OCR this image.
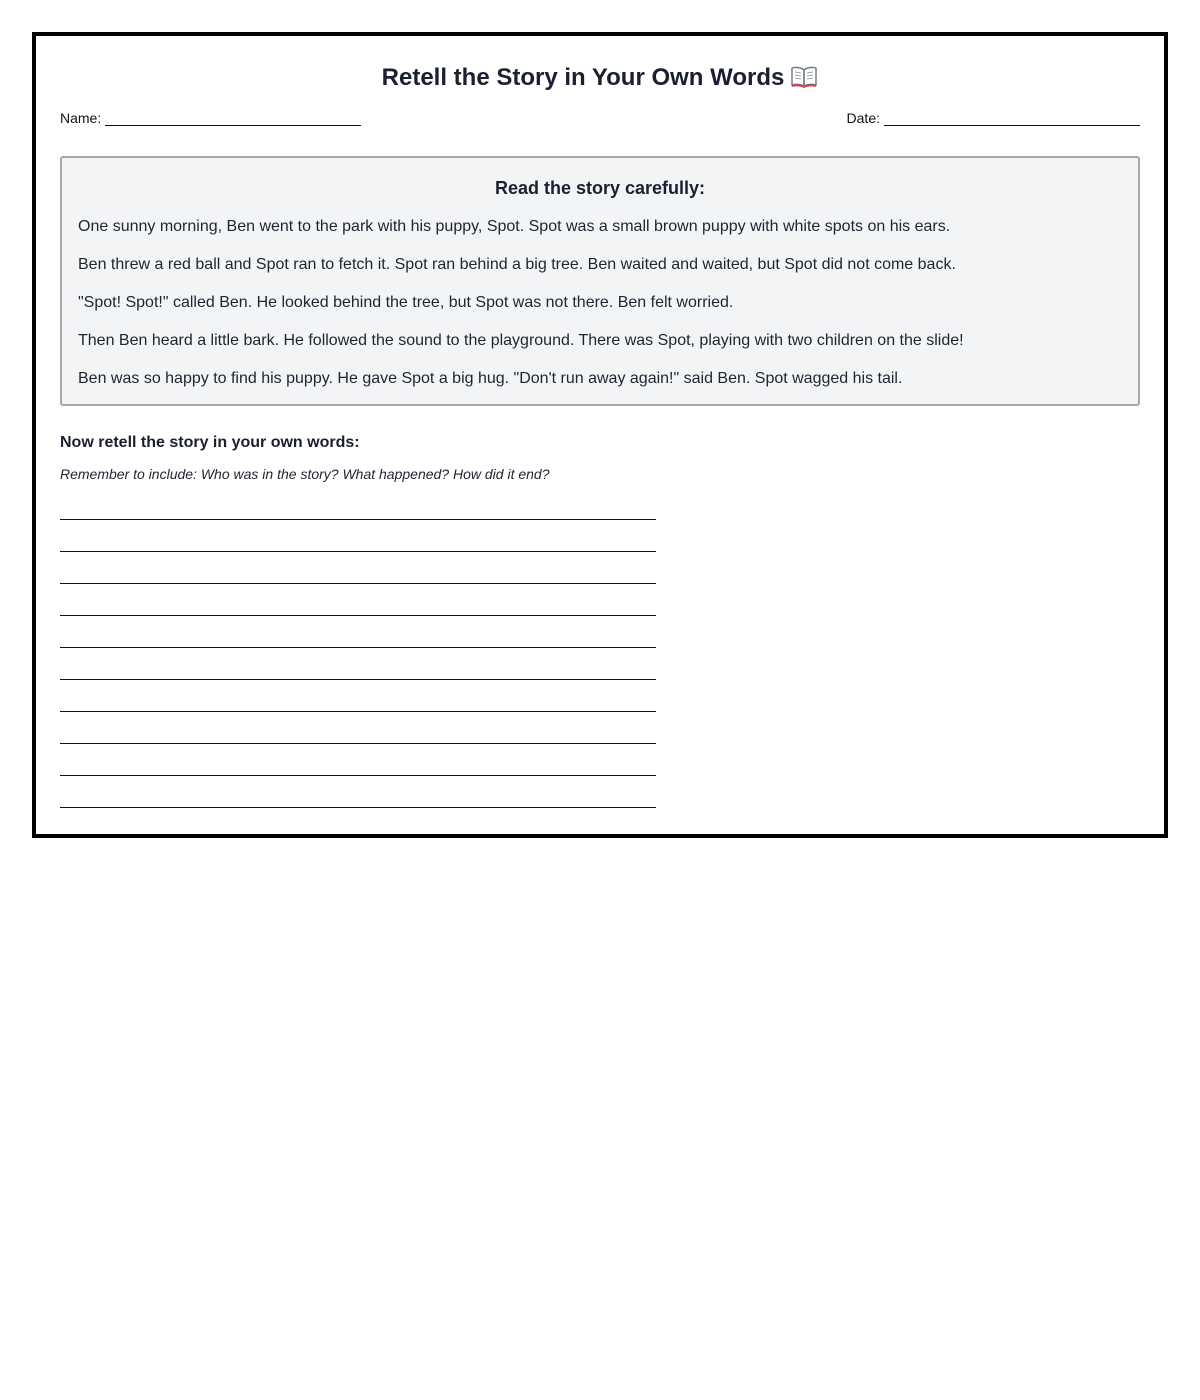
Retell the Story in Your Own Words
Name:	Date:
Read the story carefully:

One sunny morning, Ben went to the park with his puppy, Spot. Spot was a small brown puppy with white spots on his ears.

Ben threw a red ball and Spot ran to fetch it. Spot ran behind a big tree. Ben waited and waited, but Spot did not come back.

"Spot! Spot!" called Ben. He looked behind the tree, but Spot was not there. Ben felt worried.

Then Ben heard a little bark. He followed the sound to the playground. There was Spot, playing with two children on the slide!

Ben was so happy to find his puppy. He gave Spot a big hug. "Don't run away again!" said Ben. Spot wagged his tail.

Now retell the story in your own words:
Remember to include: Who was in the story? What happened? How did it end?
